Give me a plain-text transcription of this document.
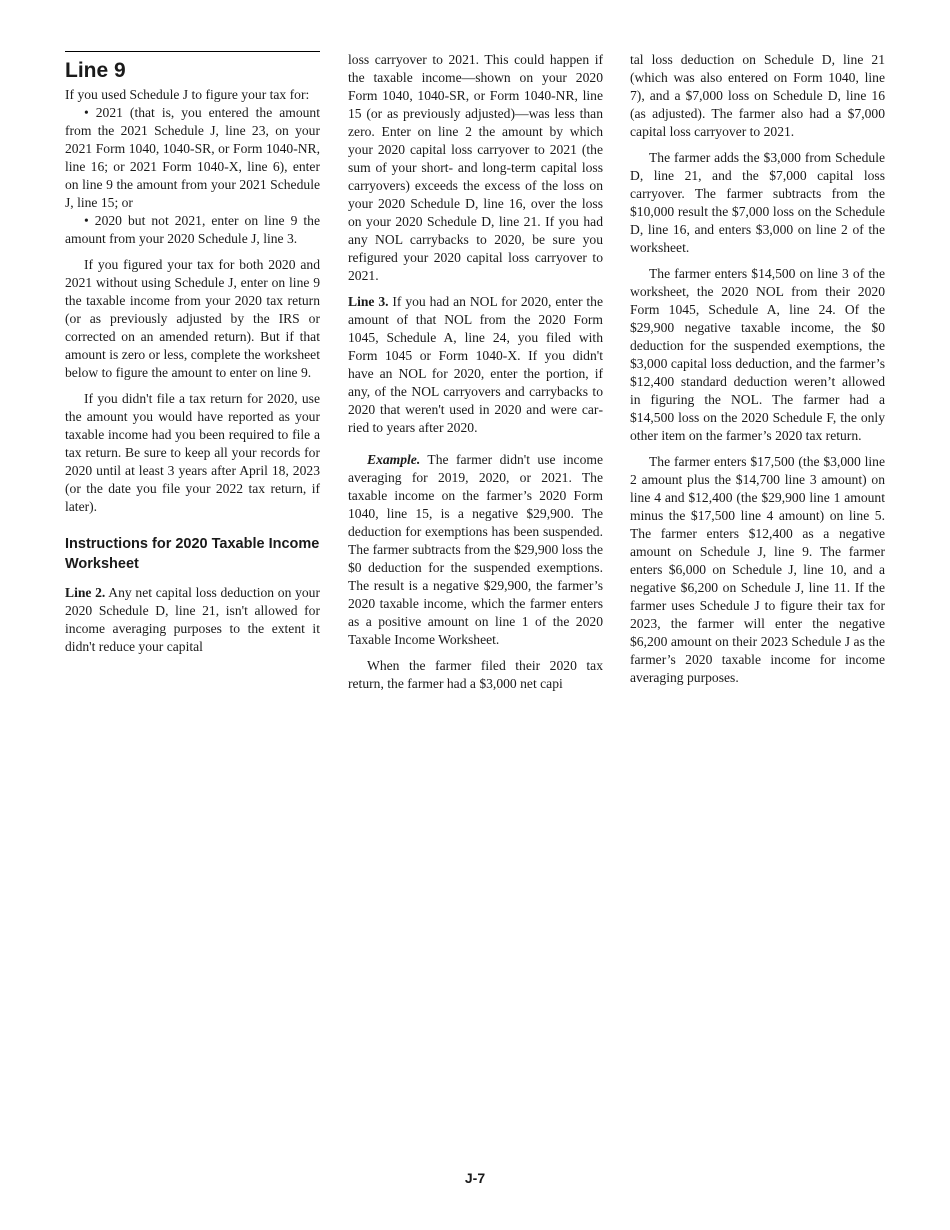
Line 9

If you used Schedule J to figure your tax for:

• 2021 (that is, you entered the amount from the 2021 Schedule J, line 23, on your 2021 Form 1040, 1040-SR, or Form 1040-NR, line 16; or 2021 Form 1040-X, line 6), enter on line 9 the amount from your 2021 Schedule J, line 15; or

• 2020 but not 2021, enter on line 9 the amount from your 2020 Schedule J, line 3.

If you figured your tax for both 2020 and 2021 without using Schedule J, enter on line 9 the taxable income from your 2020 tax return (or as previously adjusted by the IRS or corrected on an amended return). But if that amount is zero or less, complete the worksheet below to figure the amount to enter on line 9.

If you didn't file a tax return for 2020, use the amount you would have reported as your taxable income had you been required to file a tax return. Be sure to keep all your records for 2020 until at least 3 years after April 18, 2023 (or the date you file your 2022 tax return, if later).

Instructions for 2020 Taxable Income Worksheet

Line 2. Any net capital loss deduction on your 2020 Schedule D, line 21, isn't allowed for income averaging purposes to the extent it didn't reduce your capital

loss carryover to 2021. This could happen if the taxable income—shown on your 2020 Form 1040, 1040-SR, or Form 1040-NR, line 15 (or as previously adjusted)—was less than zero. Enter on line 2 the amount by which your 2020 capital loss carryover to 2021 (the sum of your short- and long-term capital loss carryovers) exceeds the excess of the loss on your 2020 Schedule D, line 16, over the loss on your 2020 Schedule D, line 21. If you had any NOL carrybacks to 2020, be sure you refigured your 2020 capital loss carryover to 2021.

Line 3. If you had an NOL for 2020, enter the amount of that NOL from the 2020 Form 1045, Schedule A, line 24, you filed with Form 1045 or Form 1040-X. If you didn't have an NOL for 2020, enter the portion, if any, of the NOL carryovers and carrybacks to 2020 that weren't used in 2020 and were carried to years after 2020.

Example. The farmer didn't use income averaging for 2019, 2020, or 2021. The taxable income on the farmer’s 2020 Form 1040, line 15, is a negative $29,900. The deduction for exemptions has been suspended. The farmer subtracts from the $29,900 loss the $0 deduction for the suspended exemptions. The result is a negative $29,900, the farmer’s 2020 taxable income, which the farmer enters as a positive amount on line 1 of the 2020 Taxable Income Worksheet.

When the farmer filed their 2020 tax return, the farmer had a $3,000 net capi

tal loss deduction on Schedule D, line 21 (which was also entered on Form 1040, line 7), and a $7,000 loss on Schedule D, line 16 (as adjusted). The farmer also had a $7,000 capital loss carryover to 2021.

The farmer adds the $3,000 from Schedule D, line 21, and the $7,000 capital loss carryover. The farmer subtracts from the $10,000 result the $7,000 loss on the Schedule D, line 16, and enters $3,000 on line 2 of the worksheet.

The farmer enters $14,500 on line 3 of the worksheet, the 2020 NOL from their 2020 Form 1045, Schedule A, line 24. Of the $29,900 negative taxable income, the $0 deduction for the suspended exemptions, the $3,000 capital loss deduction, and the farmer’s $12,400 standard deduction weren’t allowed in figuring the NOL. The farmer had a $14,500 loss on the 2020 Schedule F, the only other item on the farmer’s 2020 tax return.

The farmer enters $17,500 (the $3,000 line 2 amount plus the $14,700 line 3 amount) on line 4 and $12,400 (the $29,900 line 1 amount minus the $17,500 line 4 amount) on line 5. The farmer enters $12,400 as a negative amount on Schedule J, line 9. The farmer enters $6,000 on Schedule J, line 10, and a negative $6,200 on Schedule J, line 11. If the farmer uses Schedule J to figure their tax for 2023, the farmer will enter the negative $6,200 amount on their 2023 Schedule J as the farmer’s 2020 taxable income for income averaging purposes.

J-7
